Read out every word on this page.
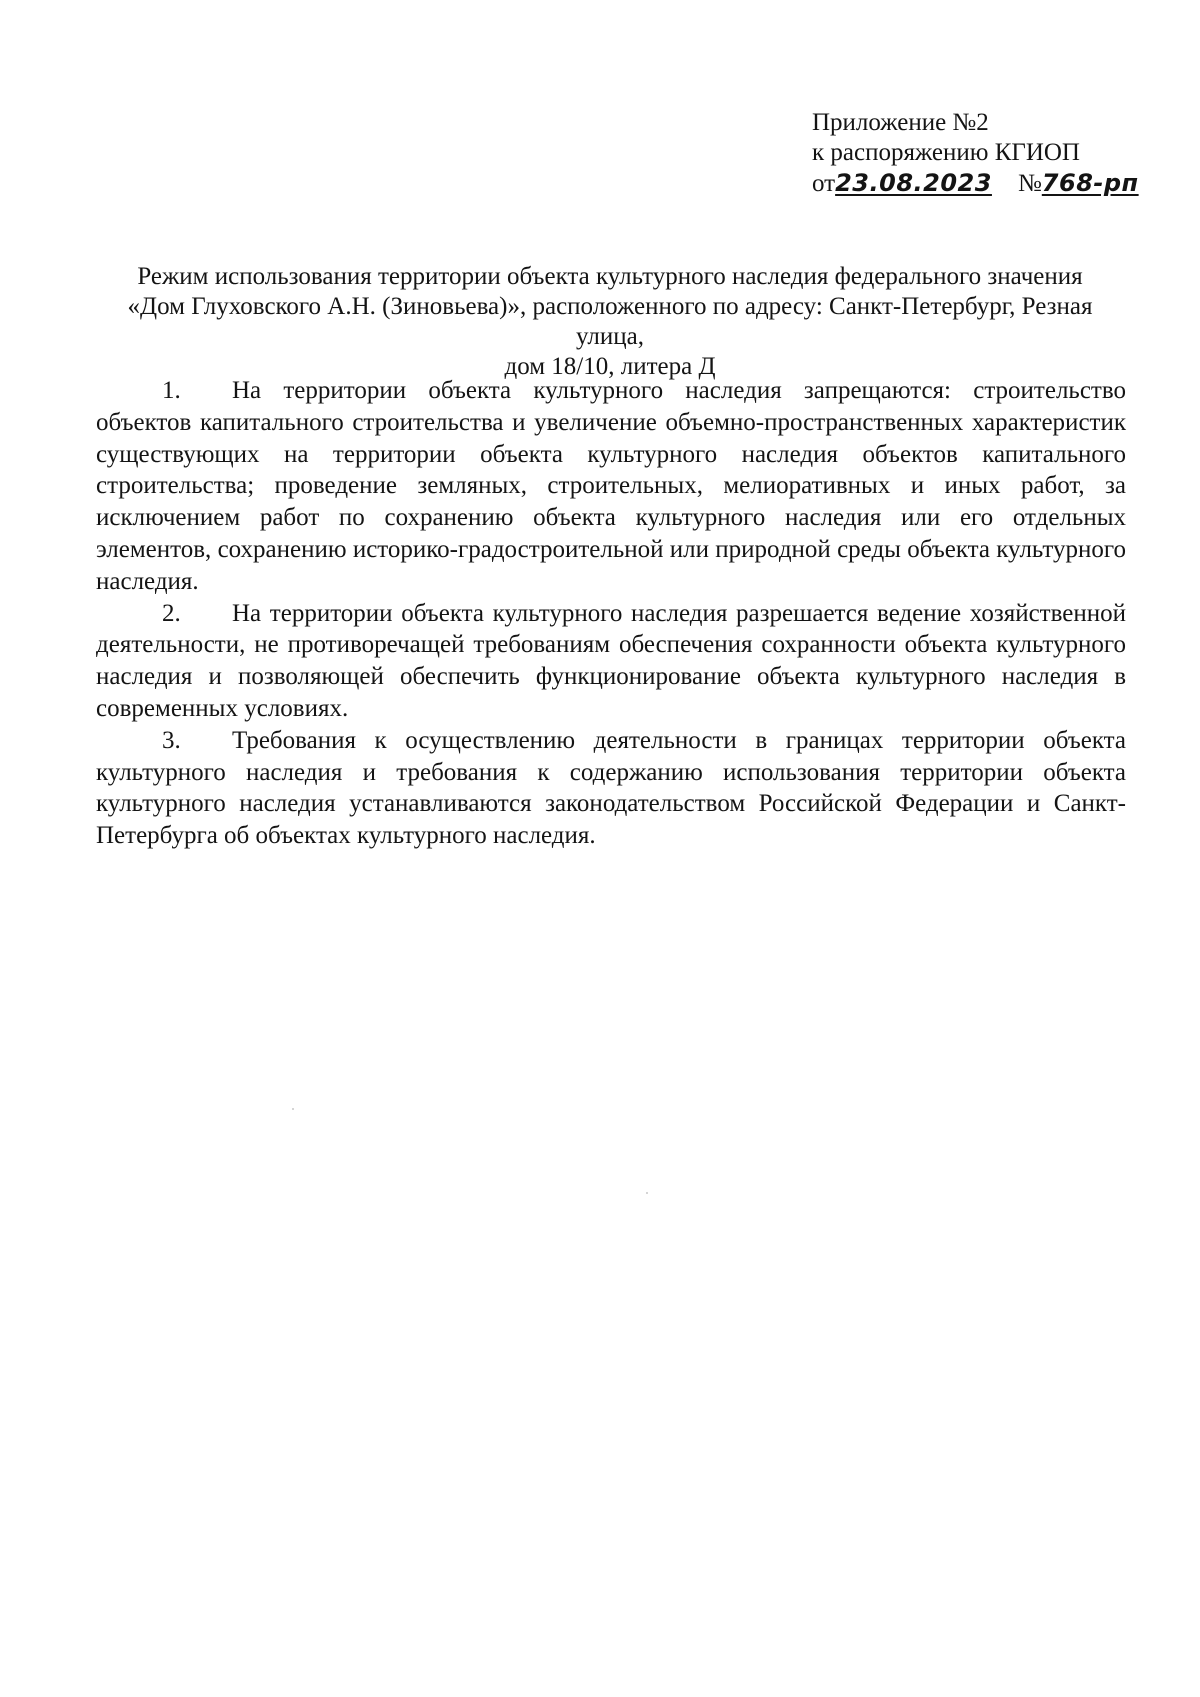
Приложение №2
к распоряжению КГИОП
от23.08.2023 №768-рп
Режим использования территории объекта культурного наследия федерального значения
«Дом Глуховского А.Н. (Зиновьева)», расположенного по адресу: Санкт-Петербург, Резная улица,
дом 18/10, литера Д

1. На территории объекта культурного наследия запрещаются: строительство объектов капитального строительства и увеличение объемно-пространственных характеристик существующих на территории объекта культурного наследия объектов капитального строительства; проведение земляных, строительных, мелиоративных и иных работ, за исключением работ по сохранению объекта культурного наследия или его отдельных элементов, сохранению историко-градостроительной или природной среды объекта культурного наследия.

2. На территории объекта культурного наследия разрешается ведение хозяйственной деятельности, не противоречащей требованиям обеспечения сохранности объекта культурного наследия и позволяющей обеспечить функционирование объекта культурного наследия в современных условиях.

3. Требования к осуществлению деятельности в границах территории объекта культурного наследия и требования к содержанию использования территории объекта культурного наследия устанавливаются законодательством Российской Федерации и Санкт-Петербурга об объектах культурного наследия.
